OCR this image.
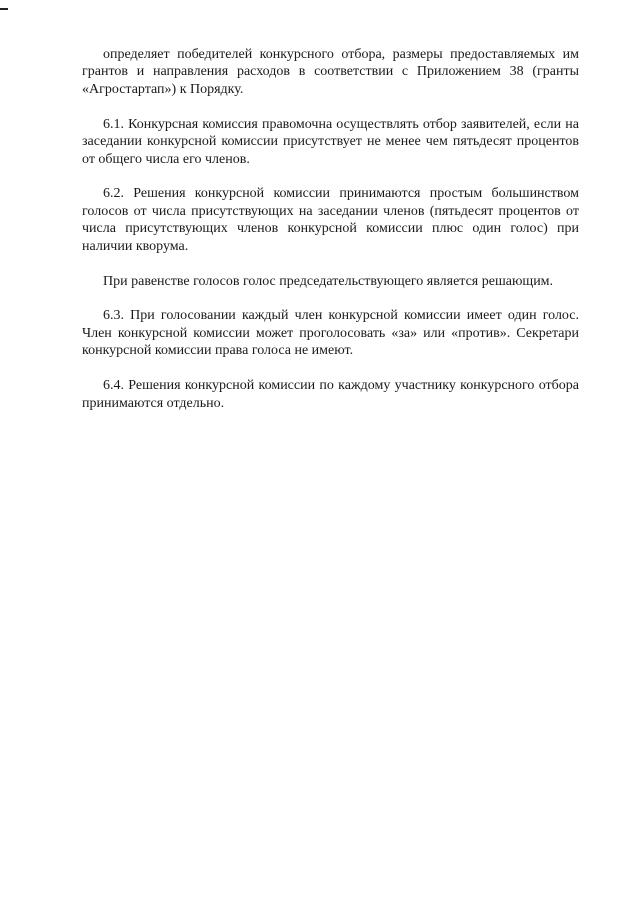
определяет победителей конкурсного отбора, размеры предоставляемых им грантов и направления расходов в соответствии с Приложением 38 (гранты «Агростартап») к Порядку.

6.1. Конкурсная комиссия правомочна осуществлять отбор заявителей, если на заседании конкурсной комиссии присутствует не менее чем пятьдесят процентов от общего числа его членов.

6.2. Решения конкурсной комиссии принимаются простым большинством голосов от числа присутствующих на заседании членов (пятьдесят процентов от числа присутствующих членов конкурсной комиссии плюс один голос) при наличии кворума.

При равенстве голосов голос председательствующего является решающим.

6.3. При голосовании каждый член конкурсной комиссии имеет один голос. Член конкурсной комиссии может проголосовать «за» или «против». Секретари конкурсной комиссии права голоса не имеют.

6.4. Решения конкурсной комиссии по каждому участнику конкурсного отбора принимаются отдельно.
